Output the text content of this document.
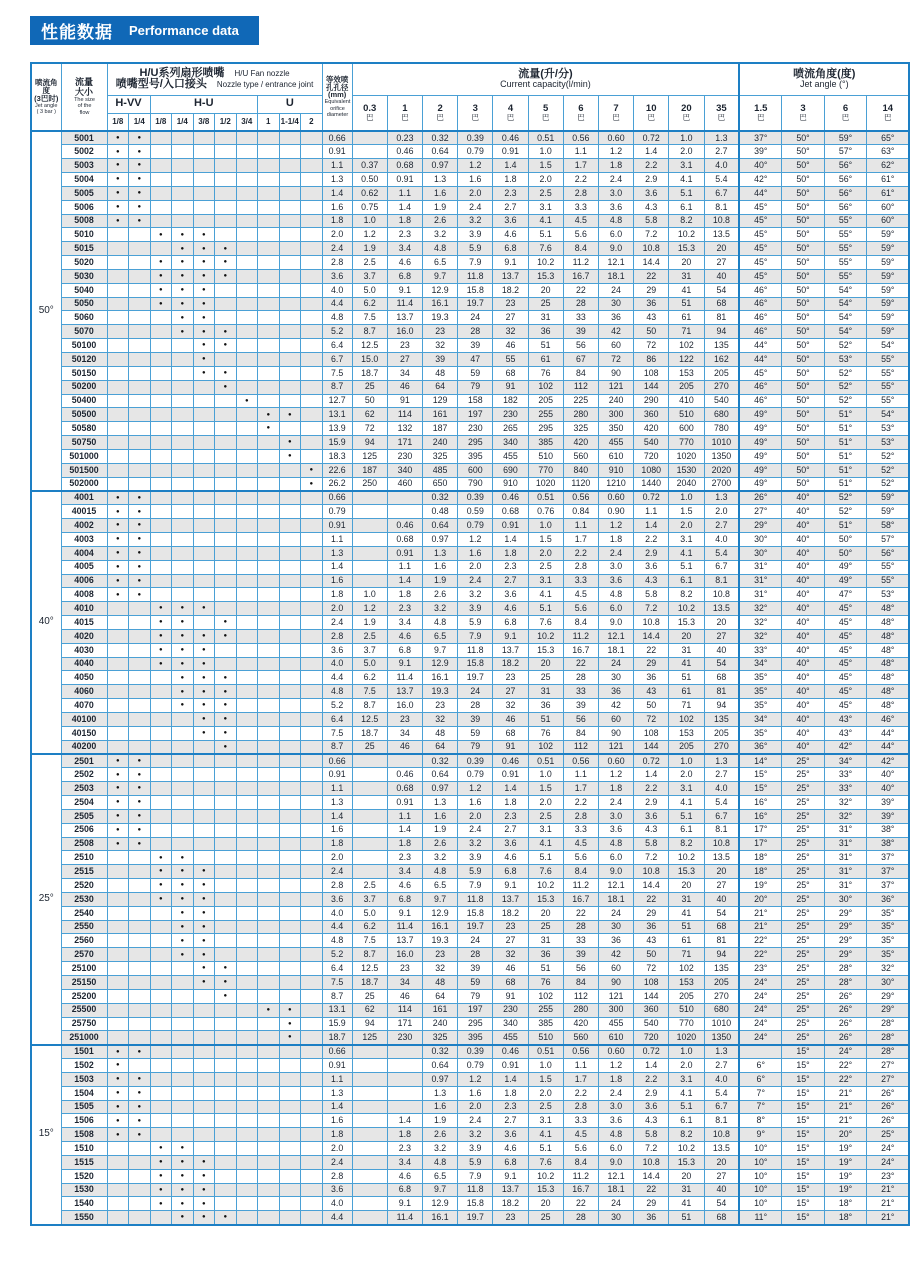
性能数据 Performance data
喷流角度
(3巴时)
Jet angle
( 3 bar )

流量
大小
The size
of the
flow

H/U系列扇形喷嘴 H/U Fan nozzle
喷嘴型号/入口接头 Nozzle type / entrance joint

等效喷
孔孔径
(mm)
Equivalent
orifice
diameter

流量(升/分)
Current capacity(l/min)

喷流角度(度)
Jet angle (°)

H-VV	H-U	U	0.3
巴

1
巴

2
巴

3
巴

4
巴

5
巴

6
巴

7
巴

10
巴

20
巴

35
巴

1.5
巴

3
巴

6
巴

14
巴

		1/8	1/4	1/8	1/4	3/8	1/2	3/4	1	1-1/4	2																
50°	5001	●	●									0.66		0.23	0.32	0.39	0.46	0.51	0.56	0.60	0.72	1.0	1.3	37°	50°	59°	65°
	5002	●	●									0.91		0.46	0.64	0.79	0.91	1.0	1.1	1.2	1.4	2.0	2.7	39°	50°	57°	63°
	5003	●	●									1.1	0.37	0.68	0.97	1.2	1.4	1.5	1.7	1.8	2.2	3.1	4.0	40°	50°	56°	62°
	5004	●	●									1.3	0.50	0.91	1.3	1.6	1.8	2.0	2.2	2.4	2.9	4.1	5.4	42°	50°	56°	61°
	5005	●	●									1.4	0.62	1.1	1.6	2.0	2.3	2.5	2.8	3.0	3.6	5.1	6.7	44°	50°	56°	61°
	5006	●	●									1.6	0.75	1.4	1.9	2.4	2.7	3.1	3.3	3.6	4.3	6.1	8.1	45°	50°	56°	60°
	5008	●	●									1.8	1.0	1.8	2.6	3.2	3.6	4.1	4.5	4.8	5.8	8.2	10.8	45°	50°	55°	60°
	5010			●	●	●						2.0	1.2	2.3	3.2	3.9	4.6	5.1	5.6	6.0	7.2	10.2	13.5	45°	50°	55°	59°
	5015				●	●	●					2.4	1.9	3.4	4.8	5.9	6.8	7.6	8.4	9.0	10.8	15.3	20	45°	50°	55°	59°
	5020			●	●	●	●					2.8	2.5	4.6	6.5	7.9	9.1	10.2	11.2	12.1	14.4	20	27	45°	50°	55°	59°
	5030			●	●	●	●					3.6	3.7	6.8	9.7	11.8	13.7	15.3	16.7	18.1	22	31	40	45°	50°	55°	59°
	5040			●	●	●						4.0	5.0	9.1	12.9	15.8	18.2	20	22	24	29	41	54	46°	50°	54°	59°
	5050			●	●	●						4.4	6.2	11.4	16.1	19.7	23	25	28	30	36	51	68	46°	50°	54°	59°
	5060				●	●						4.8	7.5	13.7	19.3	24	27	31	33	36	43	61	81	46°	50°	54°	59°
	5070				●	●	●					5.2	8.7	16.0	23	28	32	36	39	42	50	71	94	46°	50°	54°	59°
	50100					●	●					6.4	12.5	23	32	39	46	51	56	60	72	102	135	44°	50°	52°	54°
	50120					●						6.7	15.0	27	39	47	55	61	67	72	86	122	162	44°	50°	53°	55°
	50150					●	●					7.5	18.7	34	48	59	68	76	84	90	108	153	205	45°	50°	52°	55°
	50200						●					8.7	25	46	64	79	91	102	112	121	144	205	270	46°	50°	52°	55°
	50400							●				12.7	50	91	129	158	182	205	225	240	290	410	540	46°	50°	52°	55°
	50500								●	●		13.1	62	114	161	197	230	255	280	300	360	510	680	49°	50°	51°	54°
	50580								●			13.9	72	132	187	230	265	295	325	350	420	600	780	49°	50°	51°	53°
	50750									●		15.9	94	171	240	295	340	385	420	455	540	770	1010	49°	50°	51°	53°
	501000									●		18.3	125	230	325	395	455	510	560	610	720	1020	1350	49°	50°	51°	52°
	501500										●	22.6	187	340	485	600	690	770	840	910	1080	1530	2020	49°	50°	51°	52°
	502000										●	26.2	250	460	650	790	910	1020	1120	1210	1440	2040	2700	49°	50°	51°	52°
40°	4001	●	●									0.66			0.32	0.39	0.46	0.51	0.56	0.60	0.72	1.0	1.3	26°	40°	52°	59°
	40015	●	●									0.79			0.48	0.59	0.68	0.76	0.84	0.90	1.1	1.5	2.0	27°	40°	52°	59°
	4002	●	●									0.91		0.46	0.64	0.79	0.91	1.0	1.1	1.2	1.4	2.0	2.7	29°	40°	51°	58°
	4003	●	●									1.1		0.68	0.97	1.2	1.4	1.5	1.7	1.8	2.2	3.1	4.0	30°	40°	50°	57°
	4004	●	●									1.3		0.91	1.3	1.6	1.8	2.0	2.2	2.4	2.9	4.1	5.4	30°	40°	50°	56°
	4005	●	●									1.4		1.1	1.6	2.0	2.3	2.5	2.8	3.0	3.6	5.1	6.7	31°	40°	49°	55°
	4006	●	●									1.6		1.4	1.9	2.4	2.7	3.1	3.3	3.6	4.3	6.1	8.1	31°	40°	49°	55°
	4008	●	●									1.8	1.0	1.8	2.6	3.2	3.6	4.1	4.5	4.8	5.8	8.2	10.8	31°	40°	47°	53°
	4010			●	●	●						2.0	1.2	2.3	3.2	3.9	4.6	5.1	5.6	6.0	7.2	10.2	13.5	32°	40°	45°	48°
	4015			●	●		●					2.4	1.9	3.4	4.8	5.9	6.8	7.6	8.4	9.0	10.8	15.3	20	32°	40°	45°	48°
	4020			●	●	●	●					2.8	2.5	4.6	6.5	7.9	9.1	10.2	11.2	12.1	14.4	20	27	32°	40°	45°	48°
	4030			●	●	●						3.6	3.7	6.8	9.7	11.8	13.7	15.3	16.7	18.1	22	31	40	33°	40°	45°	48°
	4040			●	●	●						4.0	5.0	9.1	12.9	15.8	18.2	20	22	24	29	41	54	34°	40°	45°	48°
	4050				●	●	●					4.4	6.2	11.4	16.1	19.7	23	25	28	30	36	51	68	35°	40°	45°	48°
	4060				●	●	●					4.8	7.5	13.7	19.3	24	27	31	33	36	43	61	81	35°	40°	45°	48°
	4070				●	●	●					5.2	8.7	16.0	23	28	32	36	39	42	50	71	94	35°	40°	45°	48°
	40100					●	●					6.4	12.5	23	32	39	46	51	56	60	72	102	135	34°	40°	43°	46°
	40150					●	●					7.5	18.7	34	48	59	68	76	84	90	108	153	205	35°	40°	43°	44°
	40200						●					8.7	25	46	64	79	91	102	112	121	144	205	270	36°	40°	42°	44°
25°	2501	●	●									0.66			0.32	0.39	0.46	0.51	0.56	0.60	0.72	1.0	1.3	14°	25°	34°	42°
	2502	●	●									0.91		0.46	0.64	0.79	0.91	1.0	1.1	1.2	1.4	2.0	2.7	15°	25°	33°	40°
	2503	●	●									1.1		0.68	0.97	1.2	1.4	1.5	1.7	1.8	2.2	3.1	4.0	15°	25°	33°	40°
	2504	●	●									1.3		0.91	1.3	1.6	1.8	2.0	2.2	2.4	2.9	4.1	5.4	16°	25°	32°	39°
	2505	●	●									1.4		1.1	1.6	2.0	2.3	2.5	2.8	3.0	3.6	5.1	6.7	16°	25°	32°	39°
	2506	●	●									1.6		1.4	1.9	2.4	2.7	3.1	3.3	3.6	4.3	6.1	8.1	17°	25°	31°	38°
	2508	●	●									1.8		1.8	2.6	3.2	3.6	4.1	4.5	4.8	5.8	8.2	10.8	17°	25°	31°	38°
	2510			●	●							2.0		2.3	3.2	3.9	4.6	5.1	5.6	6.0	7.2	10.2	13.5	18°	25°	31°	37°
	2515			●	●	●						2.4		3.4	4.8	5.9	6.8	7.6	8.4	9.0	10.8	15.3	20	18°	25°	31°	37°
	2520			●	●	●						2.8	2.5	4.6	6.5	7.9	9.1	10.2	11.2	12.1	14.4	20	27	19°	25°	31°	37°
	2530			●	●	●						3.6	3.7	6.8	9.7	11.8	13.7	15.3	16.7	18.1	22	31	40	20°	25°	30°	36°
	2540				●	●						4.0	5.0	9.1	12.9	15.8	18.2	20	22	24	29	41	54	21°	25°	29°	35°
	2550				●	●						4.4	6.2	11.4	16.1	19.7	23	25	28	30	36	51	68	21°	25°	29°	35°
	2560				●	●						4.8	7.5	13.7	19.3	24	27	31	33	36	43	61	81	22°	25°	29°	35°
	2570				●	●						5.2	8.7	16.0	23	28	32	36	39	42	50	71	94	22°	25°	29°	35°
	25100					●	●					6.4	12.5	23	32	39	46	51	56	60	72	102	135	23°	25°	28°	32°
	25150					●	●					7.5	18.7	34	48	59	68	76	84	90	108	153	205	24°	25°	28°	30°
	25200						●					8.7	25	46	64	79	91	102	112	121	144	205	270	24°	25°	26°	29°
	25500								●	●		13.1	62	114	161	197	230	255	280	300	360	510	680	24°	25°	26°	29°
	25750									●		15.9	94	171	240	295	340	385	420	455	540	770	1010	24°	25°	26°	28°
	251000									●		18.7	125	230	325	395	455	510	560	610	720	1020	1350	24°	25°	26°	28°
15°	1501	●	●									0.66			0.32	0.39	0.46	0.51	0.56	0.60	0.72	1.0	1.3		15°	24°	28°
	1502	●										0.91			0.64	0.79	0.91	1.0	1.1	1.2	1.4	2.0	2.7	6°	15°	22°	27°
	1503	●	●									1.1			0.97	1.2	1.4	1.5	1.7	1.8	2.2	3.1	4.0	6°	15°	22°	27°
	1504	●	●									1.3			1.3	1.6	1.8	2.0	2.2	2.4	2.9	4.1	5.4	7°	15°	21°	26°
	1505	●	●									1.4			1.6	2.0	2.3	2.5	2.8	3.0	3.6	5.1	6.7	7°	15°	21°	26°
	1506	●	●									1.6		1.4	1.9	2.4	2.7	3.1	3.3	3.6	4.3	6.1	8.1	8°	15°	21°	26°
	1508	●	●									1.8		1.8	2.6	3.2	3.6	4.1	4.5	4.8	5.8	8.2	10.8	9°	15°	20°	25°
	1510			●	●							2.0		2.3	3.2	3.9	4.6	5.1	5.6	6.0	7.2	10.2	13.5	10°	15°	19°	24°
	1515			●	●	●						2.4		3.4	4.8	5.9	6.8	7.6	8.4	9.0	10.8	15.3	20	10°	15°	19°	24°
	1520			●	●	●						2.8		4.6	6.5	7.9	9.1	10.2	11.2	12.1	14.4	20	27	10°	15°	19°	23°
	1530			●	●	●						3.6		6.8	9.7	11.8	13.7	15.3	16.7	18.1	22	31	40	10°	15°	19°	21°
	1540			●	●	●						4.0		9.1	12.9	15.8	18.2	20	22	24	29	41	54	10°	15°	18°	21°
	1550				●	●	●					4.4		11.4	16.1	19.7	23	25	28	30	36	51	68	11°	15°	18°	21°
